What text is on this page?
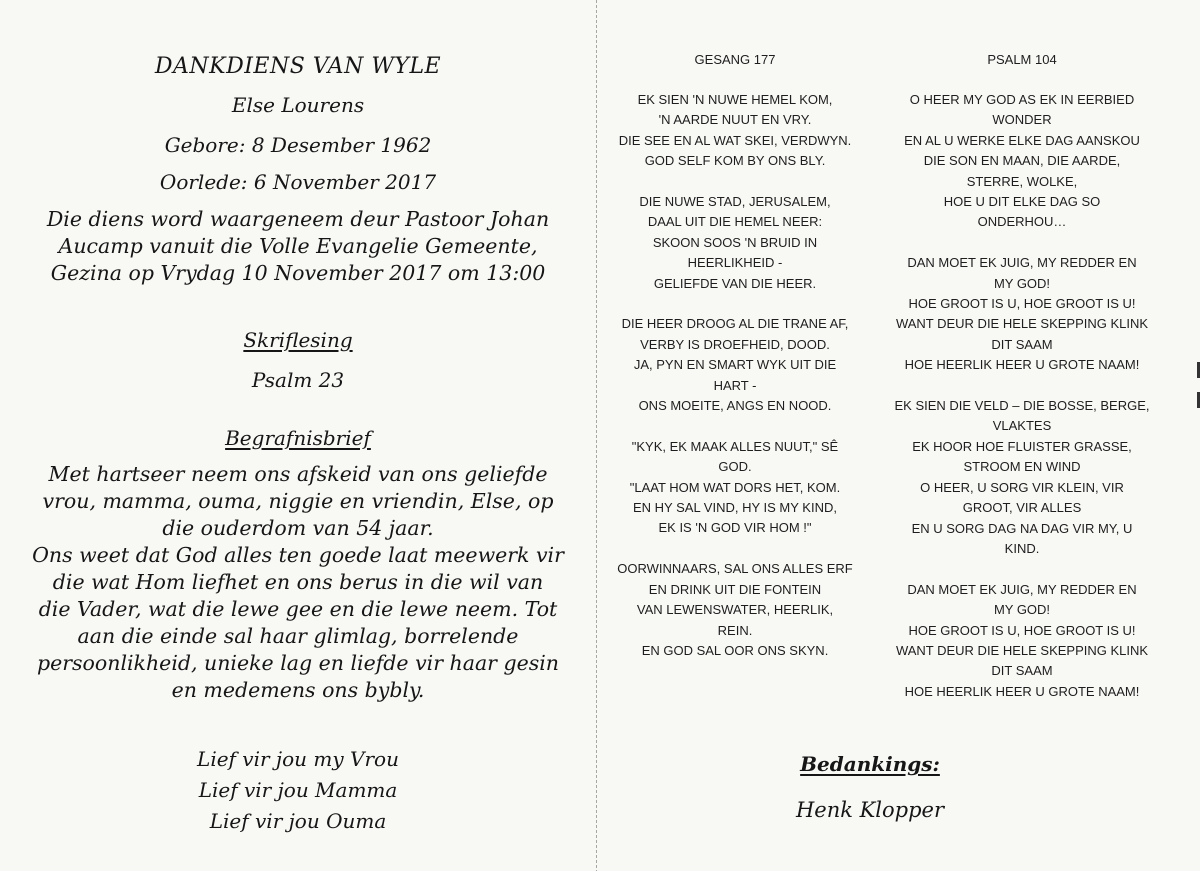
DANKDIENS VAN WYLE
Else Lourens
Gebore: 8 Desember 1962
Oorlede: 6 November 2017
Die diens word waargeneem deur Pastoor Johan
Aucamp vanuit die Volle Evangelie Gemeente,
Gezina op Vrydag 10 November 2017 om 13:00
Skriflesing
Psalm 23
Begrafnisbrief
Met hartseer neem ons afskeid van ons geliefde
vrou, mamma, ouma, niggie en vriendin, Else, op
die ouderdom van 54 jaar.
Ons weet dat God alles ten goede laat meewerk vir
die wat Hom liefhet en ons berus in die wil van
die Vader, wat die lewe gee en die lewe neem. Tot
aan die einde sal haar glimlag, borrelende
persoonlikheid, unieke lag en liefde vir haar gesin
en medemens ons bybly.
Lief vir jou my Vrou
Lief vir jou Mamma
Lief vir jou Ouma
GESANG 177
EK SIEN 'N NUWE HEMEL KOM,
'N AARDE NUUT EN VRY.
DIE SEE EN AL WAT SKEI, VERDWYN.
GOD SELF KOM BY ONS BLY.
DIE NUWE STAD, JERUSALEM,
DAAL UIT DIE HEMEL NEER:
SKOON SOOS 'N BRUID IN
HEERLIKHEID -
GELIEFDE VAN DIE HEER.
DIE HEER DROOG AL DIE TRANE AF,
VERBY IS DROEFHEID, DOOD.
JA, PYN EN SMART WYK UIT DIE
HART -
ONS MOEITE, ANGS EN NOOD.
"KYK, EK MAAK ALLES NUUT," SÊ
GOD.
"LAAT HOM WAT DORS HET, KOM.
EN HY SAL VIND, HY IS MY KIND,
EK IS 'N GOD VIR HOM !"
OORWINNAARS, SAL ONS ALLES ERF
EN DRINK UIT DIE FONTEIN
VAN LEWENSWATER, HEERLIK,
REIN.
EN GOD SAL OOR ONS SKYN.
PSALM 104
O HEER MY GOD AS EK IN EERBIED
WONDER
EN AL U WERKE ELKE DAG AANSKOU
DIE SON EN MAAN, DIE AARDE,
STERRE, WOLKE,
HOE U DIT ELKE DAG SO
ONDERHOU…
DAN MOET EK JUIG, MY REDDER EN
MY GOD!
HOE GROOT IS U, HOE GROOT IS U!
WANT DEUR DIE HELE SKEPPING KLINK
DIT SAAM
HOE HEERLIK HEER U GROTE NAAM!
EK SIEN DIE VELD – DIE BOSSE, BERGE,
VLAKTES
EK HOOR HOE FLUISTER GRASSE,
STROOM EN WIND
O HEER, U SORG VIR KLEIN, VIR
GROOT, VIR ALLES
EN U SORG DAG NA DAG VIR MY, U
KIND.
DAN MOET EK JUIG, MY REDDER EN
MY GOD!
HOE GROOT IS U, HOE GROOT IS U!
WANT DEUR DIE HELE SKEPPING KLINK
DIT SAAM
HOE HEERLIK HEER U GROTE NAAM!
Bedankings:
Henk Klopper
